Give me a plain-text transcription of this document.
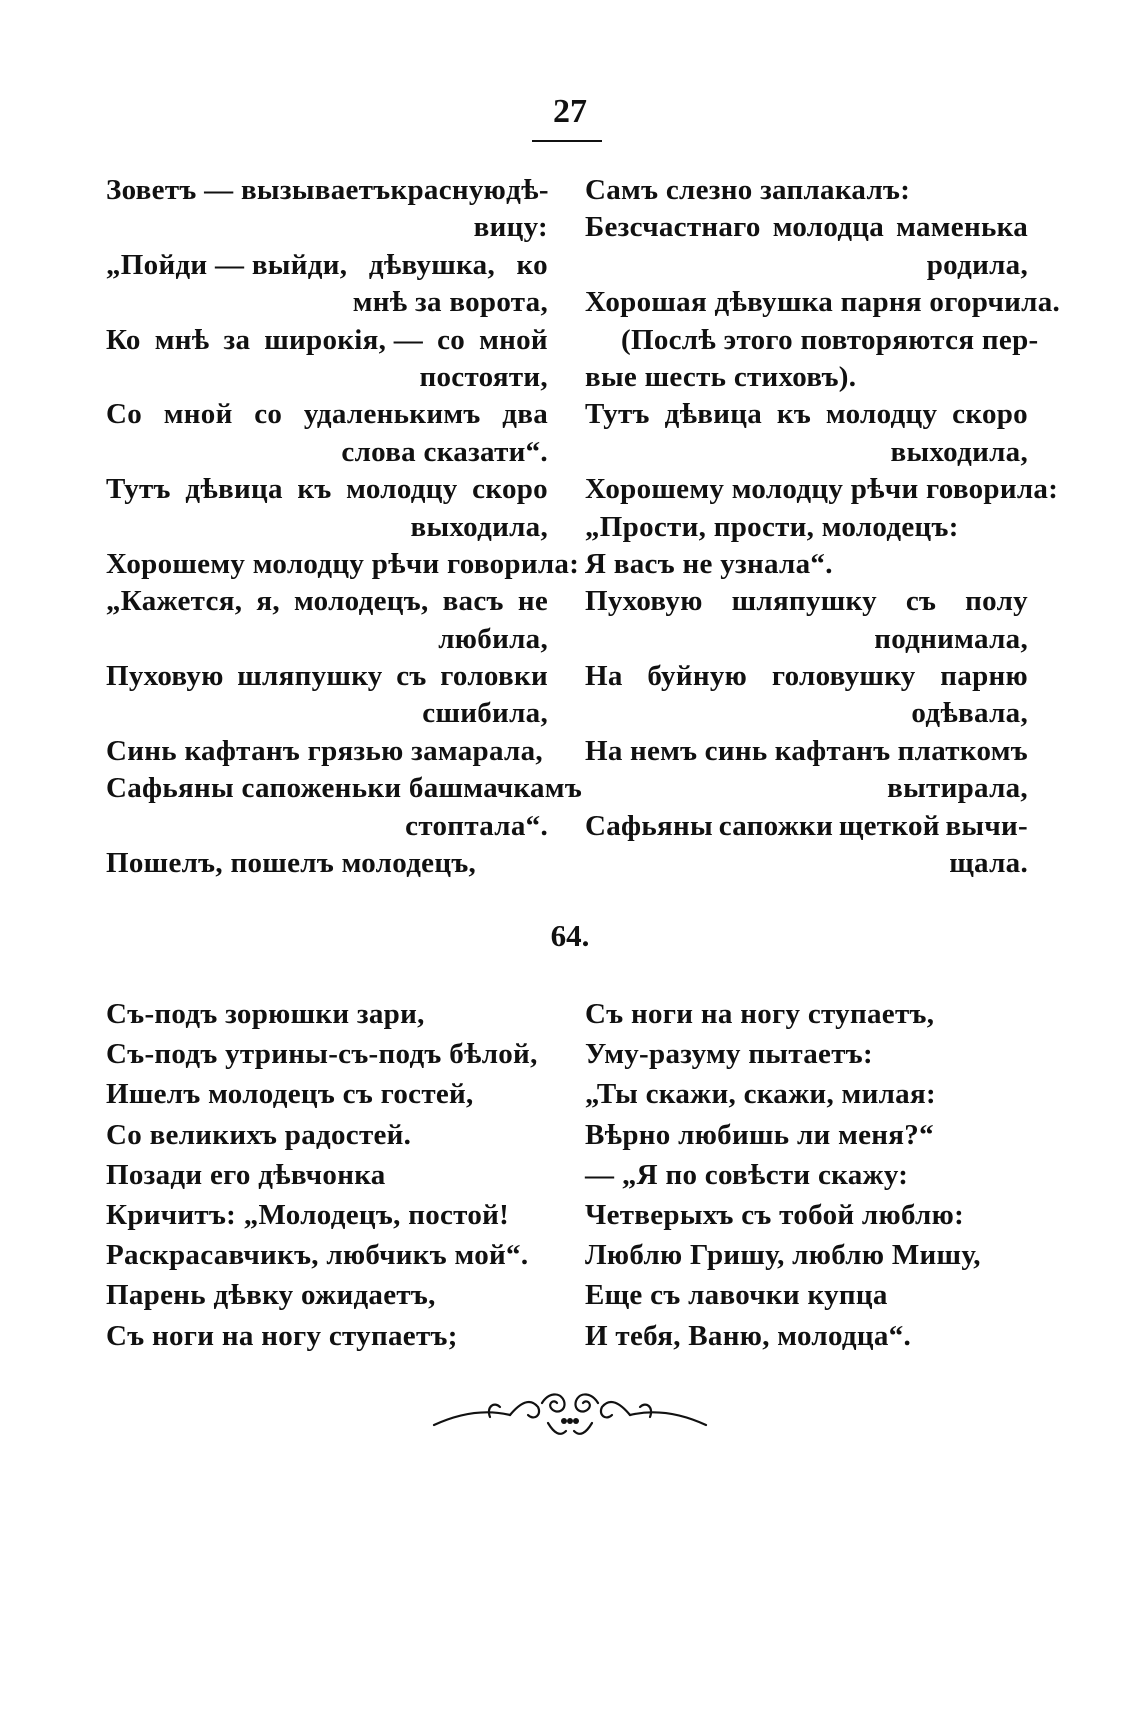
27
Зоветъ — вызываетъ красную дѣ-
вицу:
„Пойди — выйди, дѣвушка, ко
мнѣ за ворота,
Ко мнѣ за широкія, — со мной
постояти,
Со мной со удаленькимъ два
слова сказати“.
Тутъ дѣвица къ молодцу скоро
выходила,
Хорошему молодцу рѣчи говорила:
„Кажется, я, молодецъ, васъ не
любила,
Пуховую шляпушку съ головки
сшибила,
Синь кафтанъ грязью замарала,
Сафьяны сапоженьки башмачкамъ
стоптала“.
Пошелъ, пошелъ молодецъ,
Самъ слезно заплакалъ:
Безсчастнаго молодца маменька
родила,
Хорошая дѣвушка парня огорчила.
(Послѣ этого повторяются пер-
вые шесть стиховъ).
Тутъ дѣвица къ молодцу скоро
выходила,
Хорошему молодцу рѣчи говорила:
„Прости, прости, молодецъ:
Я васъ не узнала“.
Пуховую шляпушку съ полу
поднимала,
На буйную головушку парню
одѣвала,
На немъ синь кафтанъ платкомъ
вытирала,
Сафьяны сапожки щеткой вычи-
щала.
64.
Съ-подъ зорюшки зари,
Съ-подъ утрины-съ-подъ бѣлой,
Ишелъ молодецъ съ гостей,
Со великихъ радостей.
Позади его дѣвчонка
Кричитъ: „Молодецъ, постой!
Раскрасавчикъ, любчикъ мой“.
Парень дѣвку ожидаетъ,
Съ ноги на ногу ступаетъ;
Съ ноги на ногу ступаетъ,
Уму-разуму пытаетъ:
„Ты скажи, скажи, милая:
Вѣрно любишь ли меня?“
— „Я по совѣсти скажу:
Четверыхъ съ тобой люблю:
Люблю Гришу, люблю Мишу,
Еще съ лавочки купца
И тебя, Ваню, молодца“.
